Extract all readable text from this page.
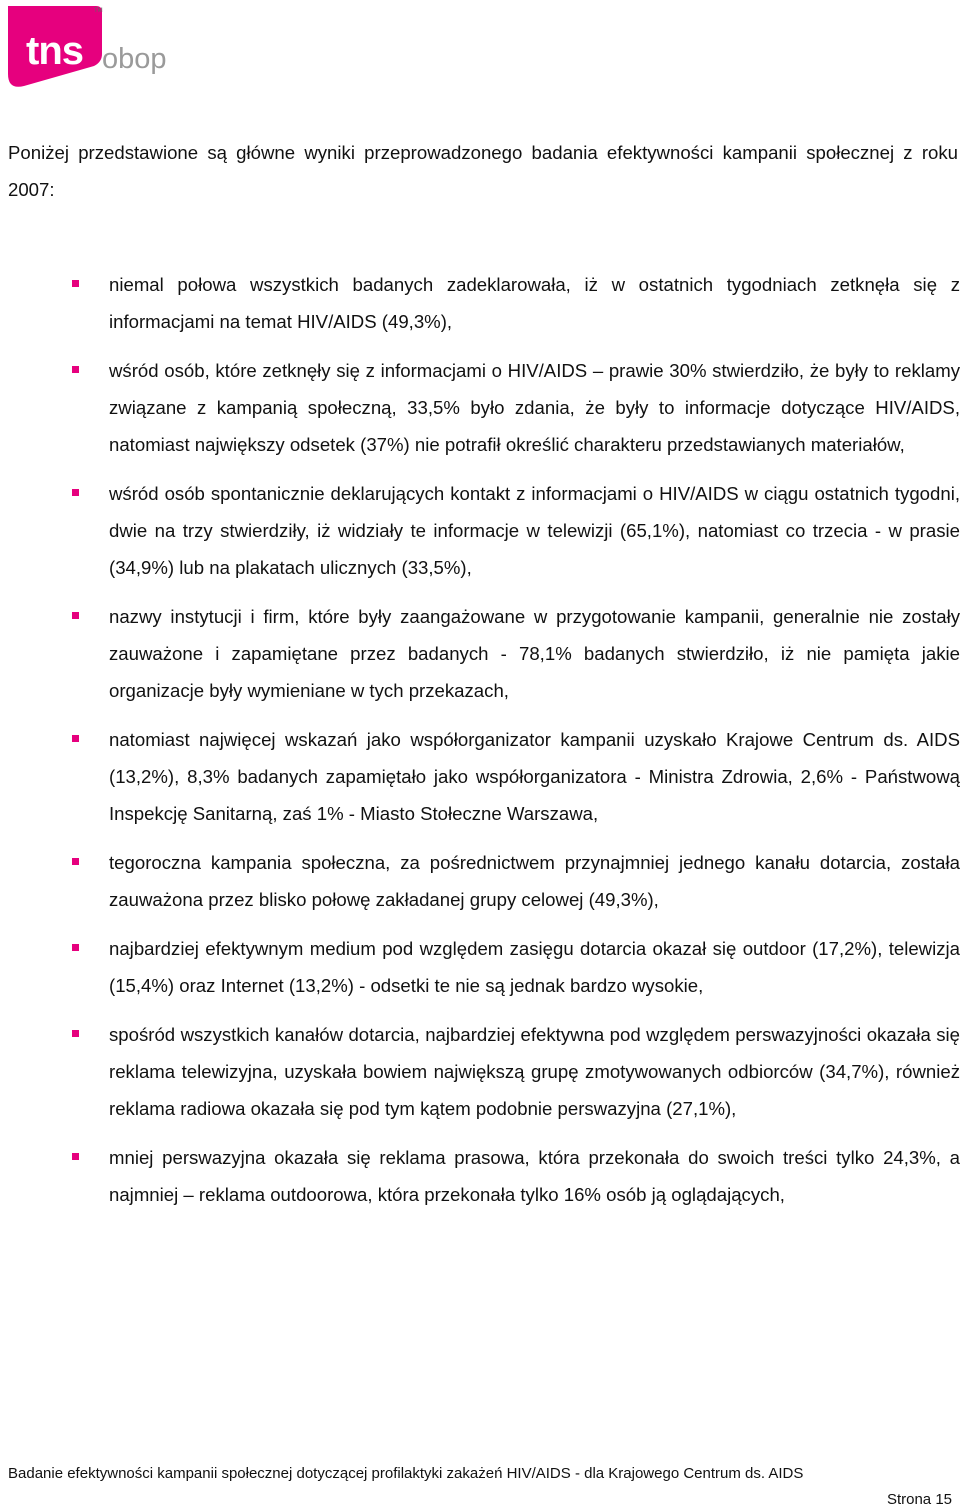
tns obop
TM

Poniżej przedstawione są główne wyniki przeprowadzonego badania efektywności kampanii społecznej z roku 2007:

niemal połowa wszystkich badanych zadeklarowała, iż w ostatnich tygodniach zetknęła się z informacjami na temat HIV/AIDS (49,3%),
wśród osób, które zetknęły się z informacjami o HIV/AIDS – prawie 30% stwierdziło, że były to reklamy związane z kampanią społeczną, 33,5% było zdania, że były to informacje dotyczące HIV/AIDS, natomiast największy odsetek (37%) nie potrafił określić charakteru przedstawianych materiałów,
wśród osób spontanicznie deklarujących kontakt z informacjami o HIV/AIDS w ciągu ostatnich tygodni, dwie na trzy stwierdziły, iż widziały te informacje w telewizji (65,1%), natomiast co trzecia - w prasie (34,9%) lub na plakatach ulicznych (33,5%),
nazwy instytucji i firm, które były zaangażowane w przygotowanie kampanii, generalnie nie zostały zauważone i zapamiętane przez badanych - 78,1% badanych stwierdziło, iż nie pamięta jakie organizacje były wymieniane w tych przekazach,
natomiast najwięcej wskazań jako współorganizator kampanii uzyskało Krajowe Centrum ds. AIDS (13,2%), 8,3% badanych zapamiętało jako współorganizatora - Ministra Zdrowia, 2,6% - Państwową Inspekcję Sanitarną, zaś 1% - Miasto Stołeczne Warszawa,
tegoroczna kampania społeczna, za pośrednictwem przynajmniej jednego kanału dotarcia, została zauważona przez blisko połowę zakładanej grupy celowej (49,3%),
najbardziej efektywnym medium pod względem zasięgu dotarcia okazał się outdoor (17,2%), telewizja (15,4%) oraz Internet (13,2%) - odsetki te nie są jednak bardzo wysokie,
spośród wszystkich kanałów dotarcia, najbardziej efektywna pod względem perswazyjności okazała się reklama telewizyjna, uzyskała bowiem największą grupę zmotywowanych odbiorców (34,7%), również reklama radiowa okazała się pod tym kątem podobnie perswazyjna (27,1%),
mniej perswazyjna okazała się reklama prasowa, która przekonała do swoich treści tylko 24,3%, a najmniej – reklama outdoorowa, która przekonała tylko 16% osób ją oglądających,
Badanie efektywności kampanii społecznej dotyczącej profilaktyki zakażeń HIV/AIDS - dla Krajowego Centrum ds. AIDS
Strona 15
